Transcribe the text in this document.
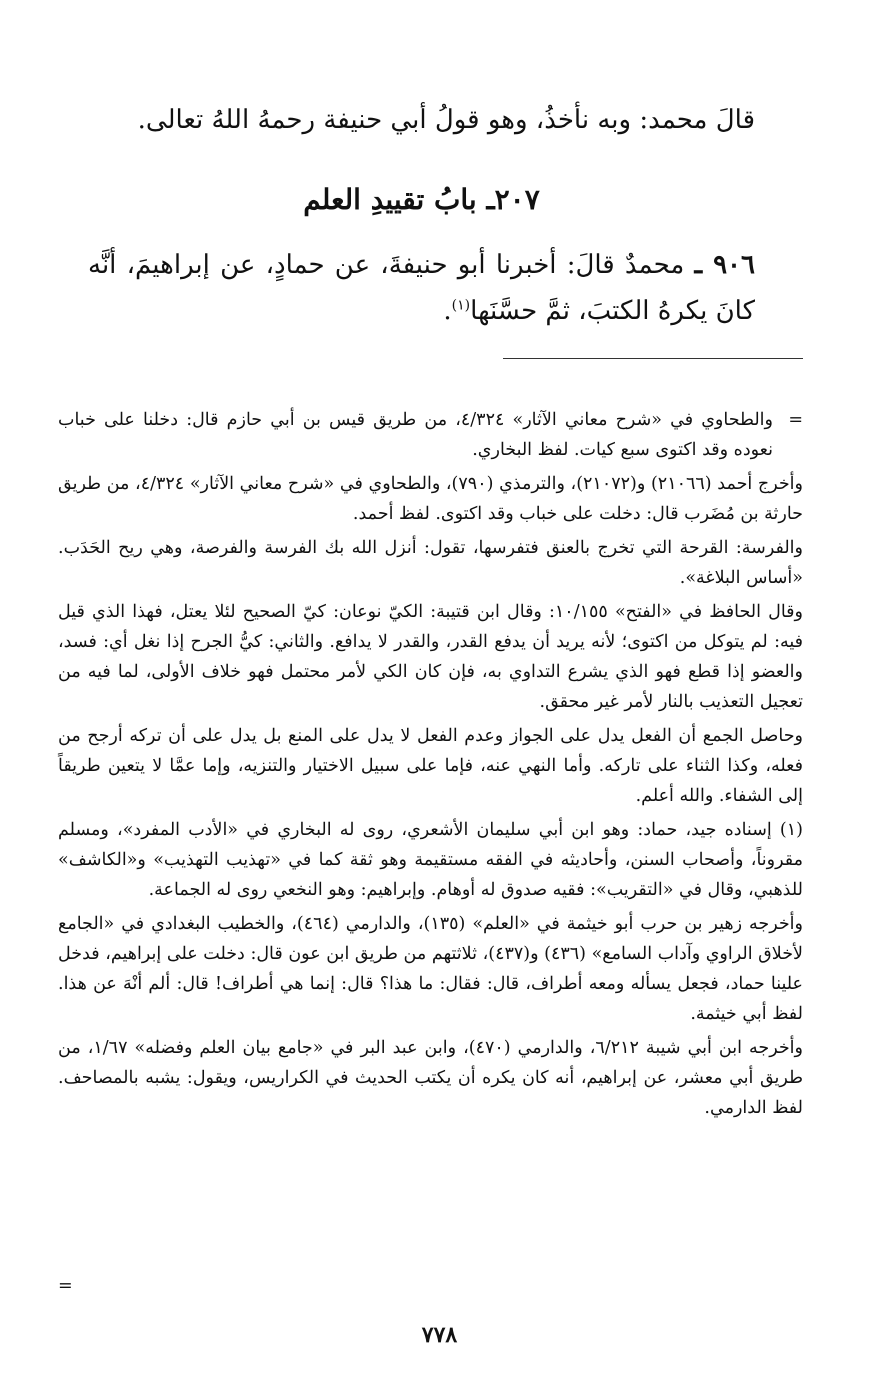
قالَ محمد: وبه نأخذُ، وهو قولُ أبي حنيفة رحمهُ اللهُ تعالى.

٢٠٧ـ بابُ تقييدِ العلم
٩٠٦ ـ محمدٌ قالَ: أخبرنا أبو حنيفةَ، عن حمادٍ، عن إبراهيمَ، أنَّه كانَ يكرهُ الكتبَ، ثمَّ حسَّنَها$^{(١)}$.

=
والطحاوي في «شرح معاني الآثار» ٤/٣٢٤، من طريق قيس بن أبي حازم قال: دخلنا على خباب نعوده وقد اكتوى سبع كيات. لفظ البخاري.

وأخرج أحمد (٢١٠٦٦) و(٢١٠٧٢)، والترمذي (٧٩٠)، والطحاوي في «شرح معاني الآثار» ٤/٣٢٤، من طريق حارثة بن مُضَرب قال: دخلت على خباب وقد اكتوى. لفظ أحمد.

والفرسة: القرحة التي تخرج بالعنق فتفرسها، تقول: أنزل الله بك الفرسة والفرصة، وهي ريح الحَدَب. «أساس البلاغة».

وقال الحافظ في «الفتح» ١٠/١٥٥: وقال ابن قتيبة: الكيّ نوعان: كيّ الصحيح لئلا يعتل، فهذا الذي قيل فيه: لم يتوكل من اكتوى؛ لأنه يريد أن يدفع القدر، والقدر لا يدافع. والثاني: كيُّ الجرح إذا نغل أي: فسد، والعضو إذا قطع فهو الذي يشرع التداوي به، فإن كان الكي لأمر محتمل فهو خلاف الأولى، لما فيه من تعجيل التعذيب بالنار لأمر غير محقق.

وحاصل الجمع أن الفعل يدل على الجواز وعدم الفعل لا يدل على المنع بل يدل على أن تركه أرجح من فعله، وكذا الثناء على تاركه. وأما النهي عنه، فإما على سبيل الاختيار والتنزيه، وإما عمَّا لا يتعين طريقاً إلى الشفاء. والله أعلم.

(١) إسناده جيد، حماد: وهو ابن أبي سليمان الأشعري، روى له البخاري في «الأدب المفرد»، ومسلم مقروناً، وأصحاب السنن، وأحاديثه في الفقه مستقيمة وهو ثقة كما في «تهذيب التهذيب» و«الكاشف» للذهبي، وقال في «التقريب»: فقيه صدوق له أوهام. وإبراهيم: وهو النخعي روى له الجماعة.

وأخرجه زهير بن حرب أبو خيثمة في «العلم» (١٣٥)، والدارمي (٤٦٤)، والخطيب البغدادي في «الجامع لأخلاق الراوي وآداب السامع» (٤٣٦) و(٤٣٧)، ثلاثتهم من طريق ابن عون قال: دخلت على إبراهيم، فدخل علينا حماد، فجعل يسأله ومعه أطراف، قال: فقال: ما هذا؟ قال: إنما هي أطراف! قال: ألم أنْهَ عن هذا. لفظ أبي خيثمة.

وأخرجه ابن أبي شيبة ٦/٢١٢، والدارمي (٤٧٠)، وابن عبد البر في «جامع بيان العلم وفضله» ١/٦٧، من طريق أبي معشر، عن إبراهيم، أنه كان يكره أن يكتب الحديث في الكراريس، ويقول: يشبه بالمصاحف. لفظ الدارمي.

=
٧٧٨
